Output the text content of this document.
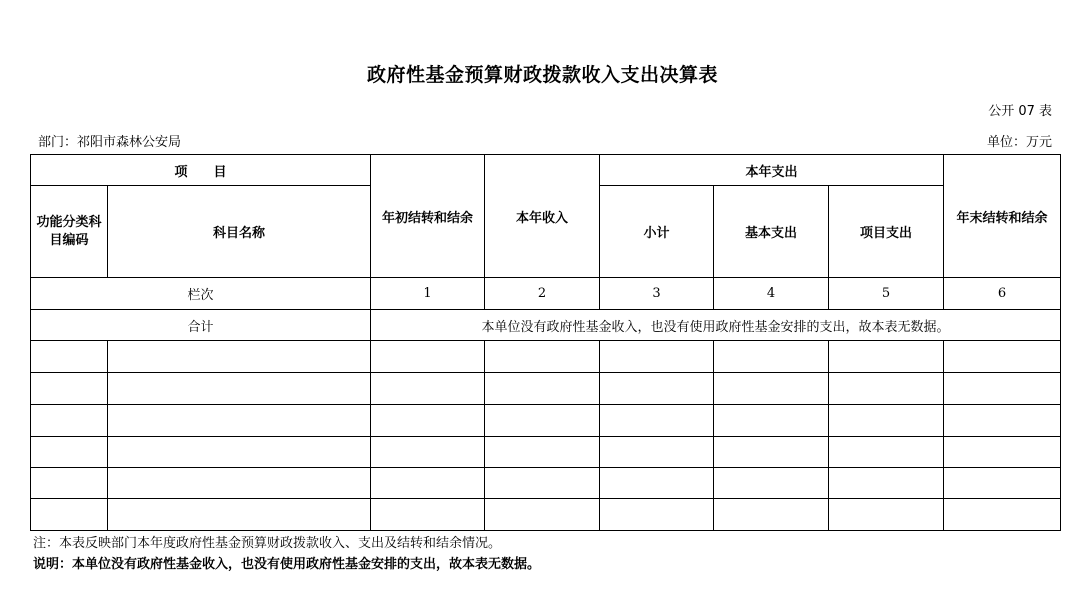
政府性基金预算财政拨款收入支出决算表
公开 07 表
部门：祁阳市森林公安局	单位：万元
项　　目		年初结转和结余	本年收入	本年支出			年末结转和结余
功能分类科目编码	科目名称			小计	基本支出	项目支出	
栏次		1	2	3	4	5	6
合计		本单位没有政府性基金收入，也没有使用政府性基金安排的支出，故本表无数据。					

注：本表反映部门本年度政府性基金预算财政拨款收入、支出及结转和结余情况。
说明：本单位没有政府性基金收入，也没有使用政府性基金安排的支出，故本表无数据。
